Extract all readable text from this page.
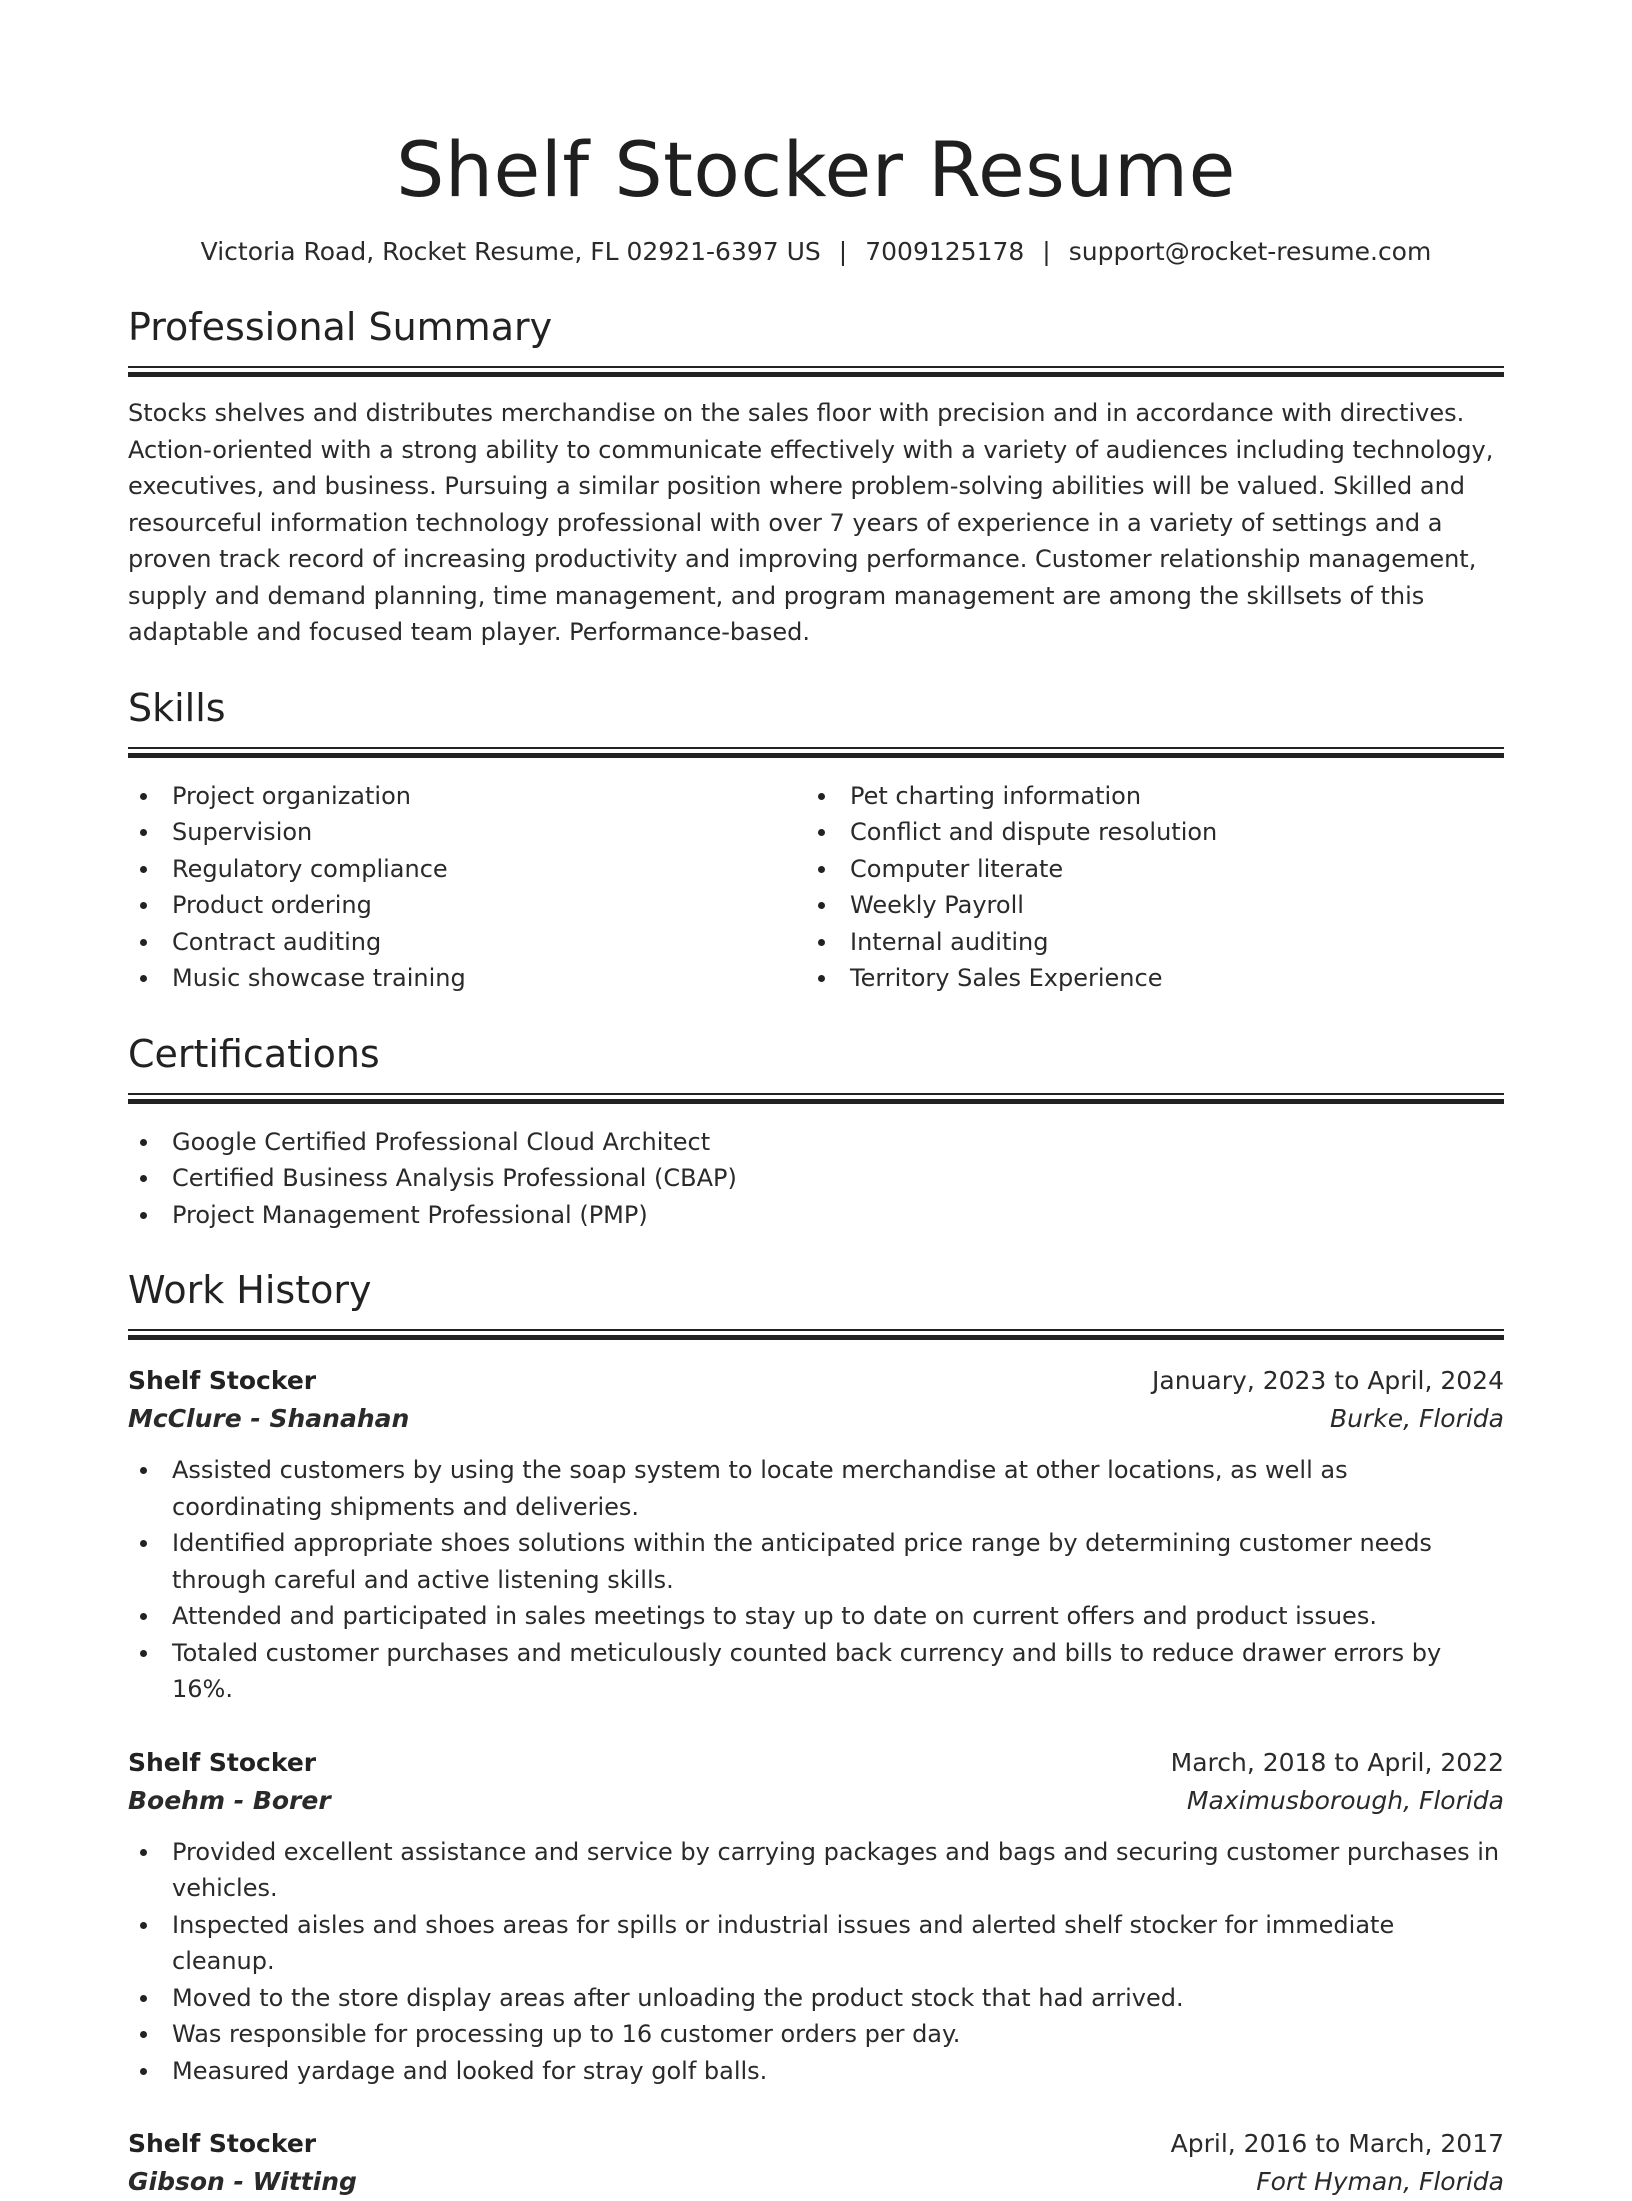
Shelf Stocker Resume
Victoria Road, Rocket Resume, FL 02921-6397 US | 7009125178 | support@rocket-resume.com
Professional Summary
Stocks shelves and distributes merchandise on the sales floor with precision and in accordance with directives. Action-oriented with a strong ability to communicate effectively with a variety of audiences including technology, executives, and business. Pursuing a similar position where problem-solving abilities will be valued. Skilled and resourceful information technology professional with over 7 years of experience in a variety of settings and a proven track record of increasing productivity and improving performance. Customer relationship management, supply and demand planning, time management, and program management are among the skillsets of this adaptable and focused team player. Performance-based.
Skills
Project organization
Supervision
Regulatory compliance
Product ordering
Contract auditing
Music showcase training
Pet charting information
Conflict and dispute resolution
Computer literate
Weekly Payroll
Internal auditing
Territory Sales Experience
Certifications
Google Certified Professional Cloud Architect
Certified Business Analysis Professional (CBAP)
Project Management Professional (PMP)
Work History
Shelf Stocker	January, 2023 to April, 2024
McClure - Shanahan	Burke, Florida
Assisted customers by using the soap system to locate merchandise at other locations, as well as coordinating shipments and deliveries.
Identified appropriate shoes solutions within the anticipated price range by determining customer needs through careful and active listening skills.
Attended and participated in sales meetings to stay up to date on current offers and product issues.
Totaled customer purchases and meticulously counted back currency and bills to reduce drawer errors by 16%.
Shelf Stocker	March, 2018 to April, 2022
Boehm - Borer	Maximusborough, Florida
Provided excellent assistance and service by carrying packages and bags and securing customer purchases in vehicles.
Inspected aisles and shoes areas for spills or industrial issues and alerted shelf stocker for immediate cleanup.
Moved to the store display areas after unloading the product stock that had arrived.
Was responsible for processing up to 16 customer orders per day.
Measured yardage and looked for stray golf balls.
Shelf Stocker	April, 2016 to March, 2017
Gibson - Witting	Fort Hyman, Florida
